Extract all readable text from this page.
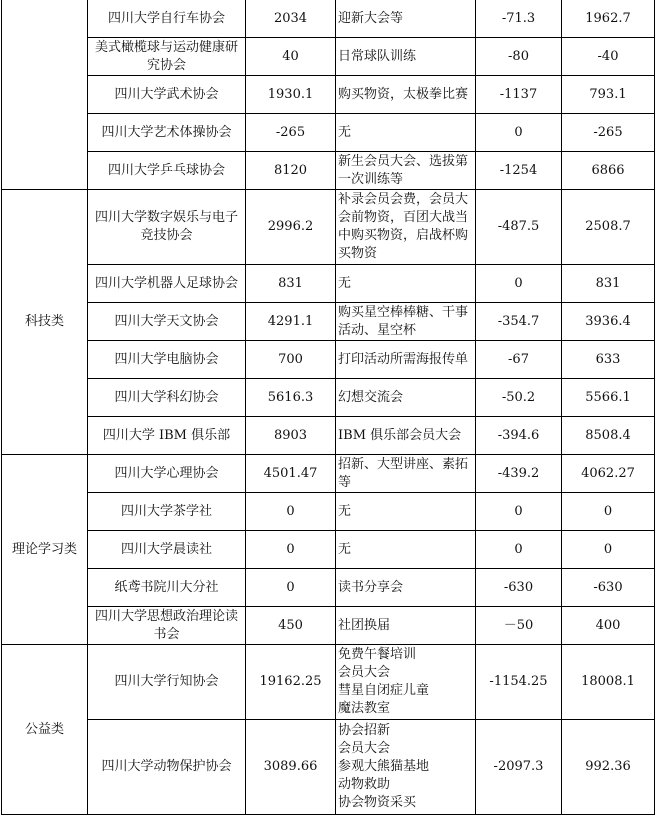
	四川大学自行车协会	2034	迎新大会等	-71.3	1962.7
	美式橄榄球与运动健康研究协会	40	日常球队训练	-80	-40
	四川大学武术协会	1930.1	购买物资，太极拳比赛	-1137	793.1
	四川大学艺术体操协会	-265	无	0	-265
	四川大学乒乓球协会	8120	新生会员大会、选拔第一次训练等	-1254	6866
科技类	四川大学数字娱乐与电子竞技协会	2996.2	补录会员会费，会员大会前物资，百团大战当中购买物资，启战杯购买物资	-487.5	2508.7
	四川大学机器人足球协会	831	无	0	831
	四川大学天文协会	4291.1	购买星空棒棒糖、干事活动、星空杯	-354.7	3936.4
	四川大学电脑协会	700	打印活动所需海报传单	-67	633
	四川大学科幻协会	5616.3	幻想交流会	-50.2	5566.1
	四川大学 IBM 俱乐部	8903	IBM 俱乐部会员大会	-394.6	8508.4
理论学习类	四川大学心理协会	4501.47	招新、大型讲座、素拓等	-439.2	4062.27
	四川大学茶学社	0	无	0	0
	四川大学晨读社	0	无	0	0
	纸鸢书院川大分社	0	读书分享会	-630	-630
	四川大学思想政治理论读书会	450	社团换届	－50	400
公益类	四川大学行知协会	19162.25	免费午餐培训
会员大会
彗星自闭症儿童
魔法教室	-1154.25	18008.1
	四川大学动物保护协会	3089.66	协会招新
会员大会
参观大熊猫基地
动物救助
协会物资采买	-2097.3	992.36
